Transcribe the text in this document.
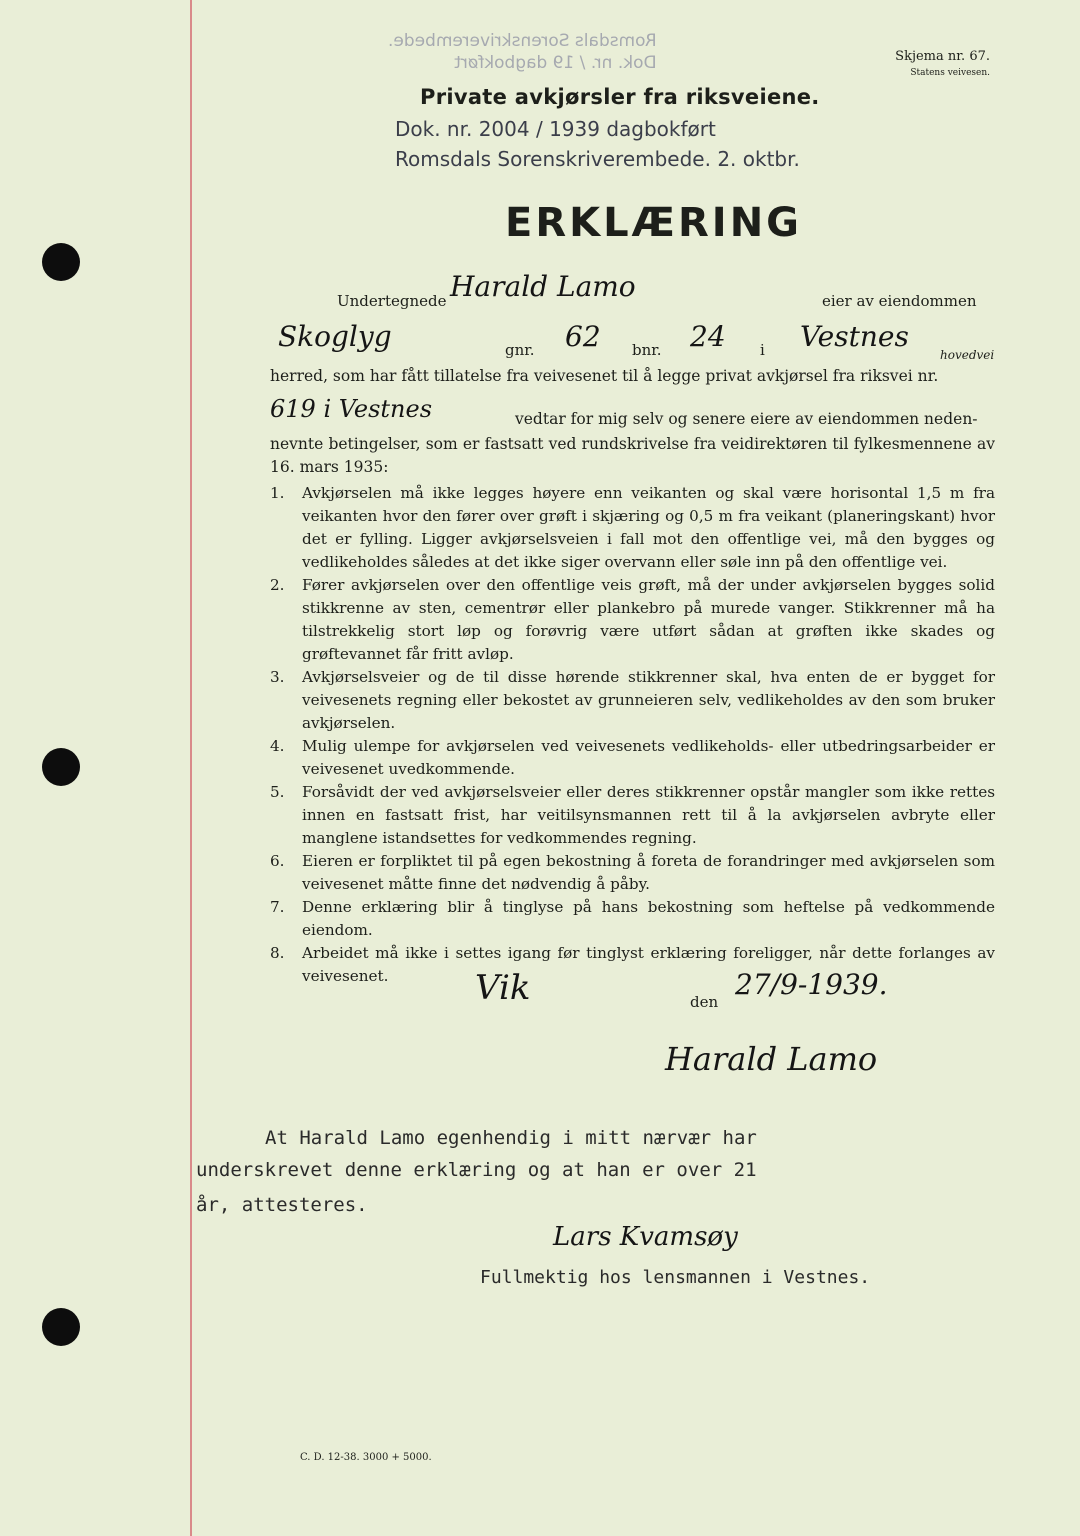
Skjema nr. 67.
Statens veivesen.
Romsdals Sorenskriverembede.
Dok. nr. / 19 dagbokført
Private avkjørsler fra riksveiene.
Dok. nr. 2004 / 1939 dagbokført
Romsdals Sorenskriverembede. 2. oktbr.
ERKLÆRING
Undertegnede Harald Lamo	eier av eiendommen
Skoglyg	gnr. 62 bnr. 24 i Vestnes
hovedvei
herred, som har fått tillatelse fra veivesenet til å legge privat avkjørsel fra riksvei nr.
619 i Vestnes	vedtar for mig selv og senere eiere av eiendommen neden-
nevnte betingelser, som er fastsatt ved rundskrivelse fra veidirektøren til fylkesmennene av 16. mars 1935:
1. Avkjørselen må ikke legges høyere enn veikanten og skal være horisontal 1,5 m fra veikanten hvor den fører over grøft i skjæring og 0,5 m fra veikant (planeringskant) hvor det er fylling. Ligger avkjørselsveien i fall mot den offentlige vei, må den bygges og vedlikeholdes således at det ikke siger overvann eller søle inn på den offentlige vei.
2. Fører avkjørselen over den offentlige veis grøft, må der under avkjørselen bygges solid stikkrenne av sten, cementrør eller plankebro på murede vanger. Stikkrenner må ha tilstrekkelig stort løp og forøvrig være utført sådan at grøften ikke skades og grøftevannet får fritt avløp.
3. Avkjørselsveier og de til disse hørende stikkrenner skal, hva enten de er bygget for veivesenets regning eller bekostet av grunneieren selv, vedlikeholdes av den som bruker avkjørselen.
4. Mulig ulempe for avkjørselen ved veivesenets vedlikeholds- eller utbedringsarbeider er veivesenet uvedkommende.
5. Forsåvidt der ved avkjørselsveier eller deres stikkrenner opstår mangler som ikke rettes innen en fastsatt frist, har veitilsynsmannen rett til å la avkjørselen avbryte eller manglene istandsettes for vedkommendes regning.
6. Eieren er forpliktet til på egen bekostning å foreta de forandringer med avkjørselen som veivesenet måtte finne det nødvendig å påby.
7. Denne erklæring blir å tinglyse på hans bekostning som heftelse på vedkommende eiendom.
8. Arbeidet må ikke i settes igang før tinglyst erklæring foreligger, når dette forlanges av veivesenet.	Vik	den
27/9-1939.
Harald Lamo
At Harald Lamo egenhendig i mitt nærvær har
underskrevet denne erklæring og at han er over 21
år, attesteres.
Lars Kvamsøy
Fullmektig hos lensmannen i Vestnes.
C. D. 12-38. 3000 + 5000.
